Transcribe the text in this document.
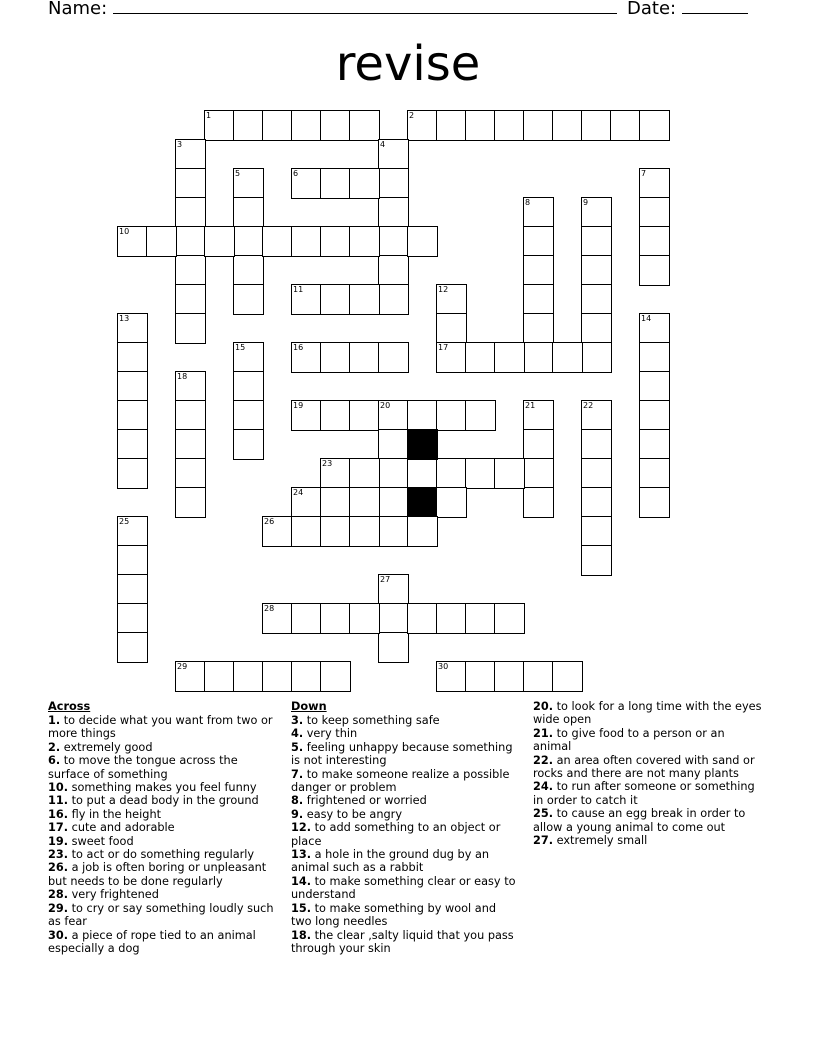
Name:	Date:
revise
1	2
3	4
5	6	7
8	9
10
11	12
17
13	14
15	16
18
19	20	21	22
23
24
25	26
27
28
29	30
Across
1. to decide what you want from two or more things
2. extremely good
6. to move the tongue across the surface of something
10. something makes you feel funny
11. to put a dead body in the ground
16. fly in the height
17. cute and adorable
19. sweet food
23. to act or do something regularly
26. a job is often boring or unpleasant but needs to be done regularly
28. very frightened
29. to cry or say something loudly such as fear
30. a piece of rope tied to an animal especially a dog
Down
3. to keep something safe
4. very thin
5. feeling unhappy because something is not interesting
7. to make someone realize a possible danger or problem
8. frightened or worried
9. easy to be angry
12. to add something to an object or place
13. a hole in the ground dug by an animal such as a rabbit
14. to make something clear or easy to understand
15. to make something by wool and two long needles
18. the clear ,salty liquid that you pass through your skin
20. to look for a long time with the eyes wide open
21. to give food to a person or an animal
22. an area often covered with sand or rocks and there are not many plants
24. to run after someone or something in order to catch it
25. to cause an egg break in order to allow a young animal to come out
27. extremely small
